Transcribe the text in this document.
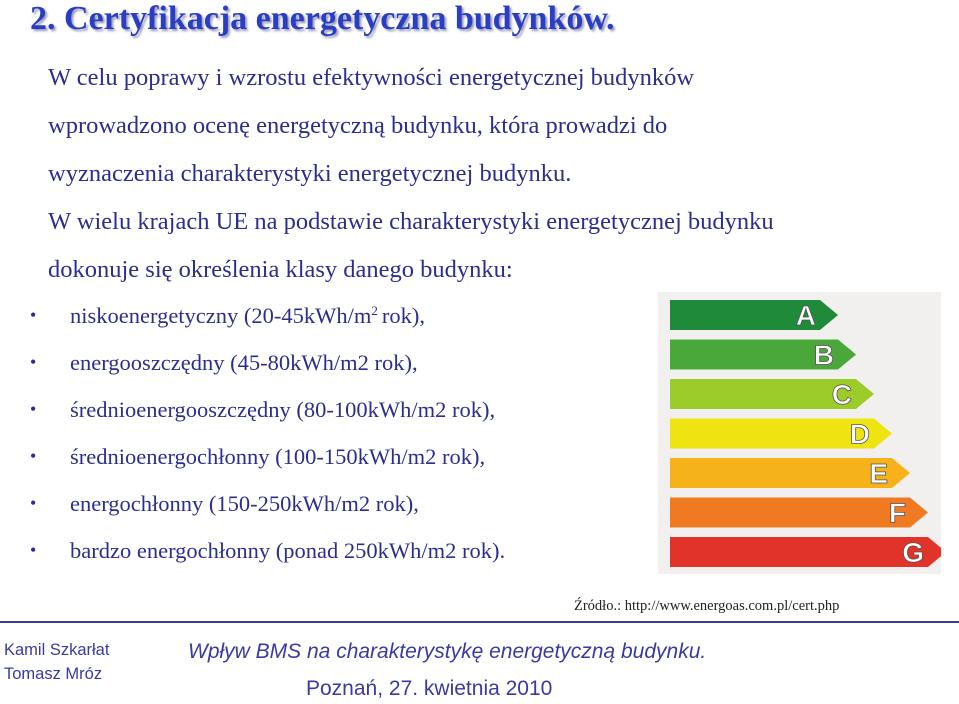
2. Certyfikacja energetyczna budynków.
W celu poprawy i wzrostu efektywności energetycznej budynków
wprowadzono ocenę energetyczną budynku, która prowadzi do
wyznaczenia charakterystyki energetycznej budynku.
W wielu krajach UE na podstawie charakterystyki energetycznej budynku
dokonuje się określenia klasy danego budynku:
• niskoenergetyczny ($20-45kWh/m^2$ rok),
• energooszczędny (45-80kWh/m2 rok),
• średnioenergooszczędny (80-100kWh/m2 rok),
• średnioenergochłonny (100-150kWh/m2 rok),
• energochłonny (150-250kWh/m2 rok),
• bardzo energochłonny (ponad 250kWh/m2 rok).
A
B
C
D
E
F
G
Źródło.: http://www.energoas.com.pl/cert.php
Kamil Szkarłat
Tomasz Mróz
Wpływ BMS na charakterystykę energetyczną budynku.
Poznań, 27. kwietnia 2010
